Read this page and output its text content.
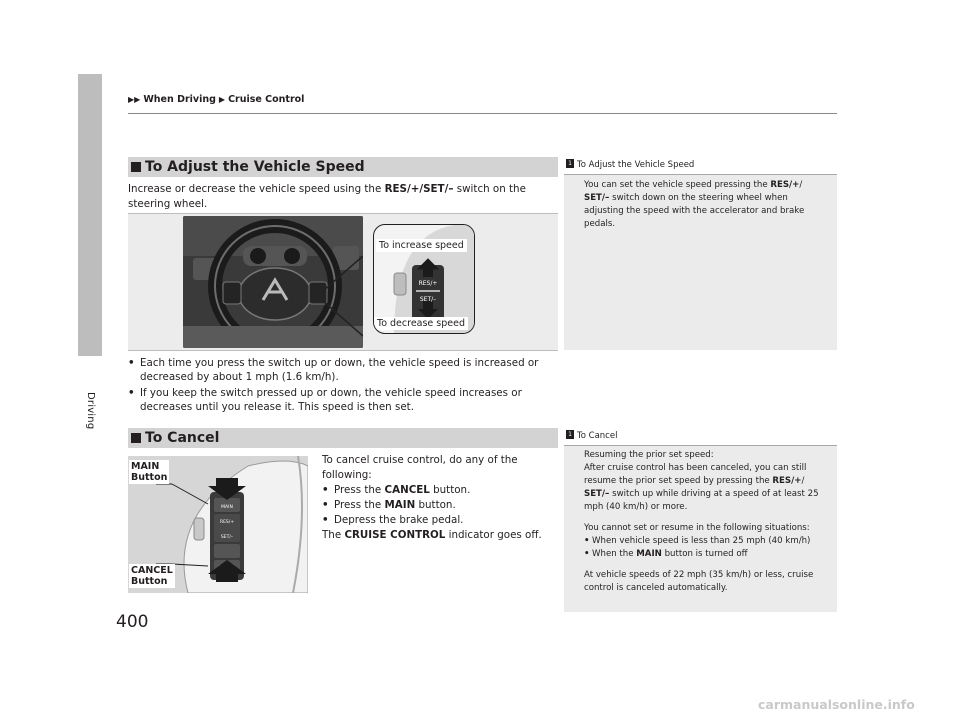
Driving
▶▶ When Driving ▶ Cruise Control
To Adjust the Vehicle Speed
Increase or decrease the vehicle speed using the RES/+/SET/– switch on the steering wheel.
RES/+
SET/–
To increase speed
To decrease speed
• Each time you press the switch up or down, the vehicle speed is increased or decreased by about 1 mph (1.6 km/h).
• If you keep the switch pressed up or down, the vehicle speed increases or decreases until you release it. This speed is then set.
1 To Adjust the Vehicle Speed

You can set the vehicle speed pressing the RES/+/ SET/– switch down on the steering wheel when adjusting the speed with the accelerator and brake pedals.

To Cancel
MAIN
RES/+
SET/–
MAIN
Button
CANCEL
Button
To cancel cruise control, do any of the following:
• Press the CANCEL button.
• Press the MAIN button.
• Depress the brake pedal.
The CRUISE CONTROL indicator goes off.
1 To Cancel

Resuming the prior set speed:
After cruise control has been canceled, you can still resume the prior set speed by pressing the RES/+/ SET/– switch up while driving at a speed of at least 25 mph (40 km/h) or more.

You cannot set or resume in the following situations:

• When vehicle speed is less than 25 mph (40 km/h)
• When the MAIN button is turned off

At vehicle speeds of 22 mph (35 km/h) or less, cruise control is canceled automatically.

400
carmanualsonline.info
